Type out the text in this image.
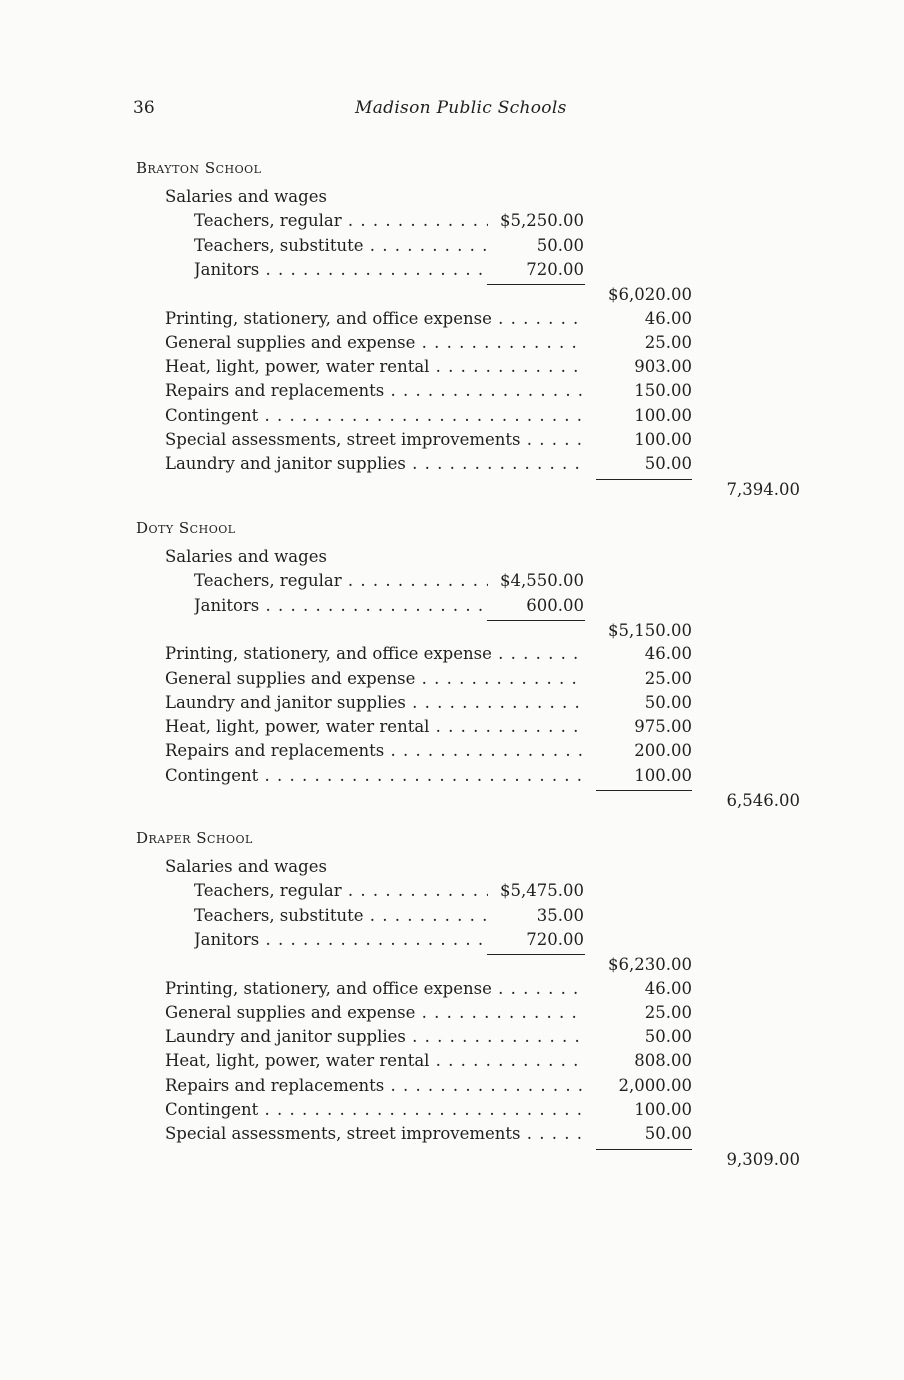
36	Madison Public Schools
Brayton School
Salaries and wages
Teachers, regular . . .	$5,250.00
Teachers, substitute . . .	50.00
Janitors . . .	720.00
$6,020.00
Printing, stationery, and office expense . . .	46.00
General supplies and expense . . .	25.00
Heat, light, power, water rental . . .	903.00
Repairs and replacements . . .	150.00
Contingent . . .	100.00
Special assessments, street improvements . . .	100.00
Laundry and janitor supplies . . .	50.00
7,394.00
Doty School
Salaries and wages
Teachers, regular . . .	$4,550.00
Janitors . . .	600.00
$5,150.00
Printing, stationery, and office expense . . .	46.00
General supplies and expense . . .	25.00
Laundry and janitor supplies . . .	50.00
Heat, light, power, water rental . . .	975.00
Repairs and replacements . . .	200.00
Contingent . . .	100.00
6,546.00
Draper School
Salaries and wages
Teachers, regular . . .	$5,475.00
Teachers, substitute . . .	35.00
Janitors . . .	720.00
$6,230.00
Printing, stationery, and office expense . . .	46.00
General supplies and expense . . .	25.00
Laundry and janitor supplies . . .	50.00
Heat, light, power, water rental . . .	808.00
Repairs and replacements . . .	2,000.00
Contingent . . .	100.00
Special assessments, street improvements . . .	50.00
9,309.00
